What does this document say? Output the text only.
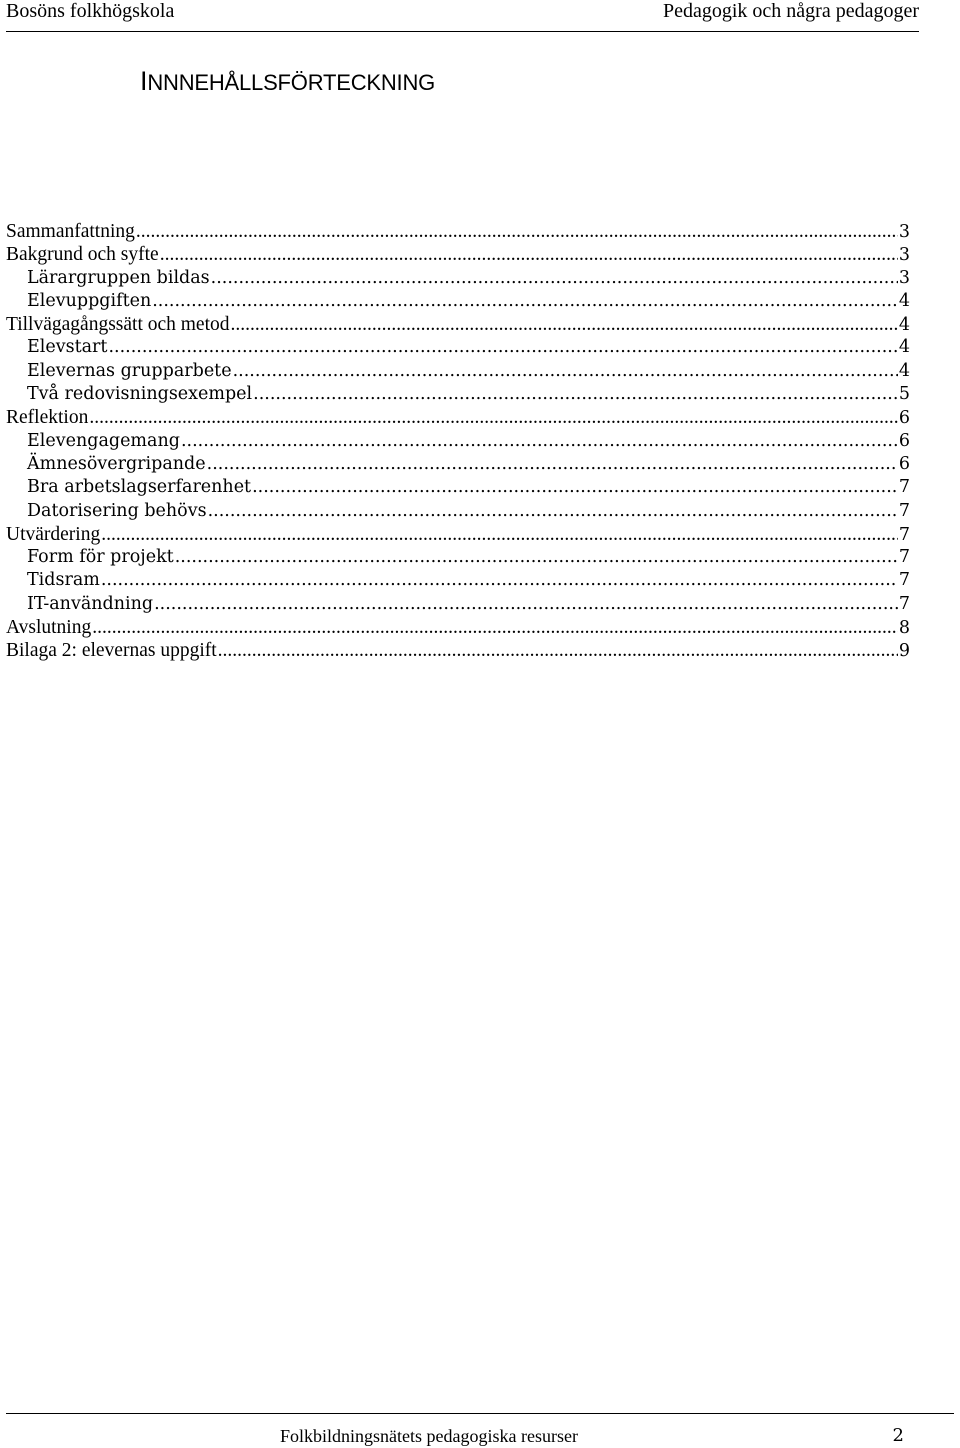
Bosöns folkhögskola	Pedagogik och några pedagoger
INNNEHÅLLSFÖRTECKNING
Sammanfattning .....	3
Bakgrund och syfte .....	3
Lärargruppen bildas .....	3
Elevuppgiften .....	4
Tillvägagångssätt och metod .....	4
Elevstart .....	4
Elevernas grupparbete .....	4
Två redovisningsexempel .....	5
Reflektion .....	6
Elevengagemang .....	6
Ämnesövergripande .....	6
Bra arbetslagserfarenhet .....	7
Datorisering behövs .....	7
Utvärdering .....	7
Form för projekt .....	7
Tidsram .....	7
IT-användning .....	7
Avslutning .....	8
Bilaga 2: elevernas uppgift .....	9
Folkbildningsnätets pedagogiska resurser	2
